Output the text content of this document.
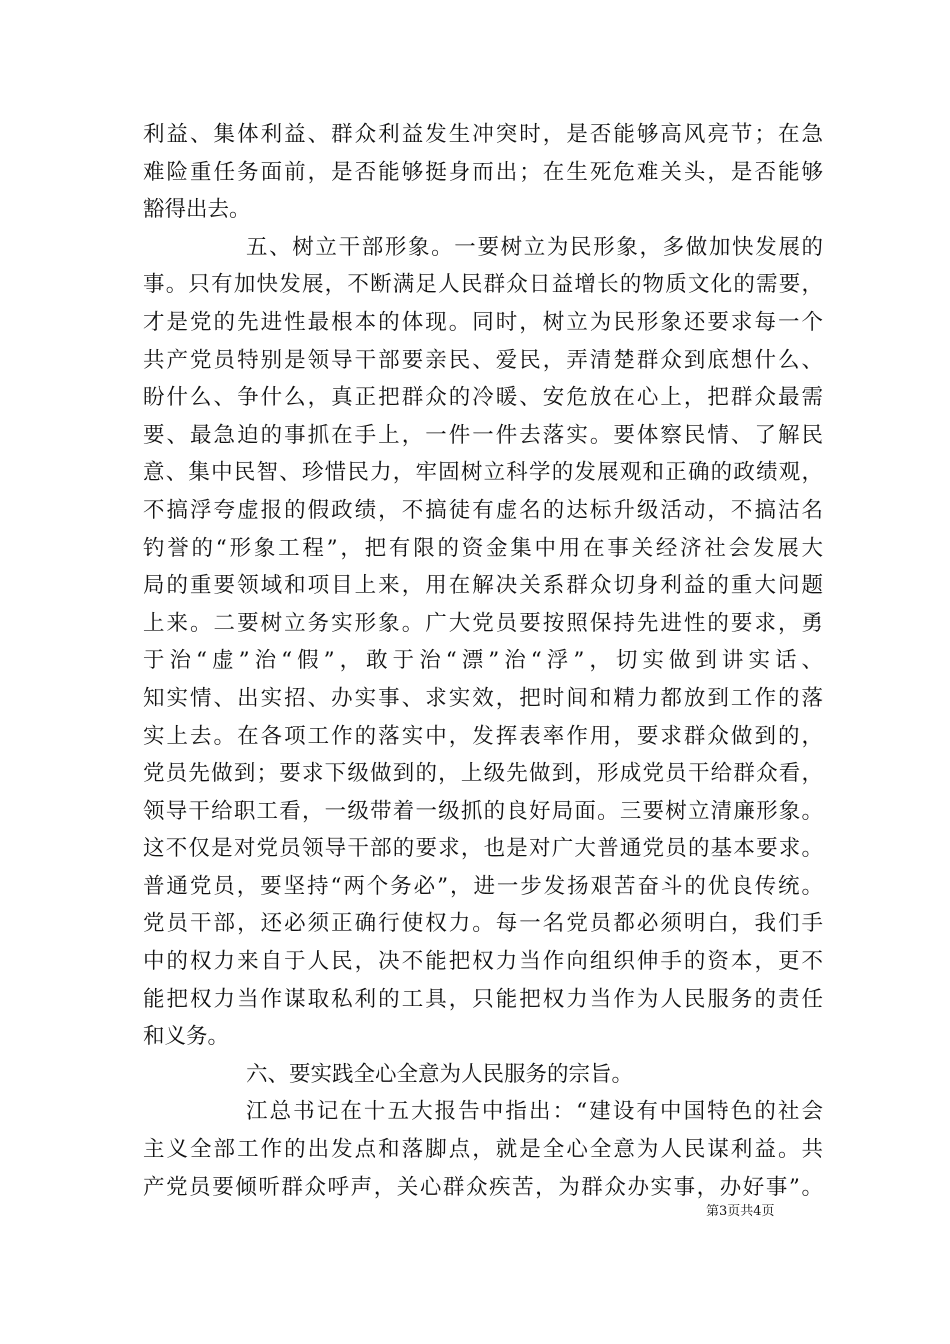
利益、集体利益、群众利益发生冲突时，是否能够高风亮节；在急
难险重任务面前，是否能够挺身而出；在生死危难关头，是否能够
豁得出去。
五、树立干部形象。一要树立为民形象，多做加快发展的
事。只有加快发展，不断满足人民群众日益增长的物质文化的需要，
才是党的先进性最根本的体现。同时，树立为民形象还要求每一个
共产党员特别是领导干部要亲民、爱民，弄清楚群众到底想什么、
盼什么、争什么，真正把群众的冷暖、安危放在心上，把群众最需
要、最急迫的事抓在手上，一件一件去落实。要体察民情、了解民
意、集中民智、珍惜民力，牢固树立科学的发展观和正确的政绩观，
不搞浮夸虚报的假政绩，不搞徒有虚名的达标升级活动，不搞沽名
钓誉的“形象工程”，把有限的资金集中用在事关经济社会发展大
局的重要领域和项目上来，用在解决关系群众切身利益的重大问题
上来。二要树立务实形象。广大党员要按照保持先进性的要求，勇
于治“虚”治“假”，敢于治“漂”治“浮”，切实做到讲实话、
知实情、出实招、办实事、求实效，把时间和精力都放到工作的落
实上去。在各项工作的落实中，发挥表率作用，要求群众做到的，
党员先做到；要求下级做到的，上级先做到，形成党员干给群众看，
领导干给职工看，一级带着一级抓的良好局面。三要树立清廉形象。
这不仅是对党员领导干部的要求，也是对广大普通党员的基本要求。
普通党员，要坚持“两个务必”，进一步发扬艰苦奋斗的优良传统。
党员干部，还必须正确行使权力。每一名党员都必须明白，我们手
中的权力来自于人民，决不能把权力当作向组织伸手的资本，更不
能把权力当作谋取私利的工具，只能把权力当作为人民服务的责任
和义务。
六、要实践全心全意为人民服务的宗旨。
江总书记在十五大报告中指出：“建设有中国特色的社会
主义全部工作的出发点和落脚点，就是全心全意为人民谋利益。共
产党员要倾听群众呼声，关心群众疾苦，为群众办实事，办好事”。
第3页共4页
